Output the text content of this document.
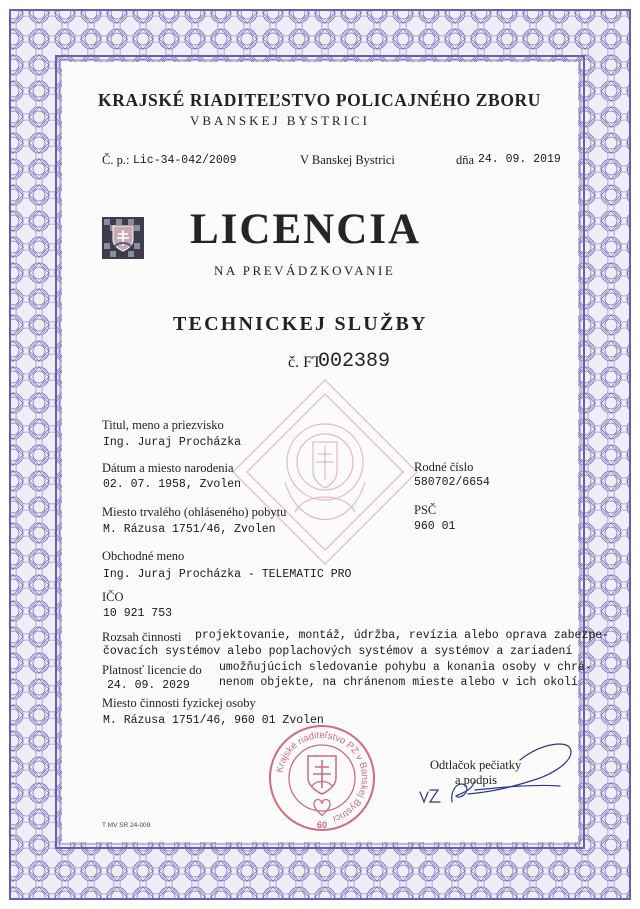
KRAJSKÉ RIADITEĽSTVO POLICAJNÉHO ZBORU
VBANSKEJ BYSTRICI
Č. p.: Lic-34-042/2009	V Banskej Bystrici	dňa 24. 09. 2019
LICENCIA
NA PREVÁDZKOVANIE
TECHNICKEJ SLUŽBY
č. FT
002389
Titul, meno a priezvisko
Ing. Juraj Procházka
Dátum a miesto narodenia
02. 07. 1958, Zvolen
Rodné číslo
580702/6654
Miesto trvalého (ohláseného) pobytu
M. Rázusa 1751/46, Zvolen
PSČ
960 01
Obchodné meno
Ing. Juraj Procházka - TELEMATIC PRO
IČO
10 921 753
Rozsah činnosti projektovanie, montáž, údržba, revízia alebo oprava zabezpe-
čovacích systémov alebo poplachových systémov a systémov a zariadení
umožňujúcich sledovanie pohybu a konania osoby v chrá-
nenom objekte, na chránenom mieste alebo v ich okolí
Platnosť licencie do
24. 09. 2029
Miesto činnosti fyzickej osoby
M. Rázusa 1751/46, 960 01 Zvolen
Krajské riaditeľstvo PZ v Banskej Bystrici
60
Odtlačok pečiatky
a podpis
T MV SR 24-009
